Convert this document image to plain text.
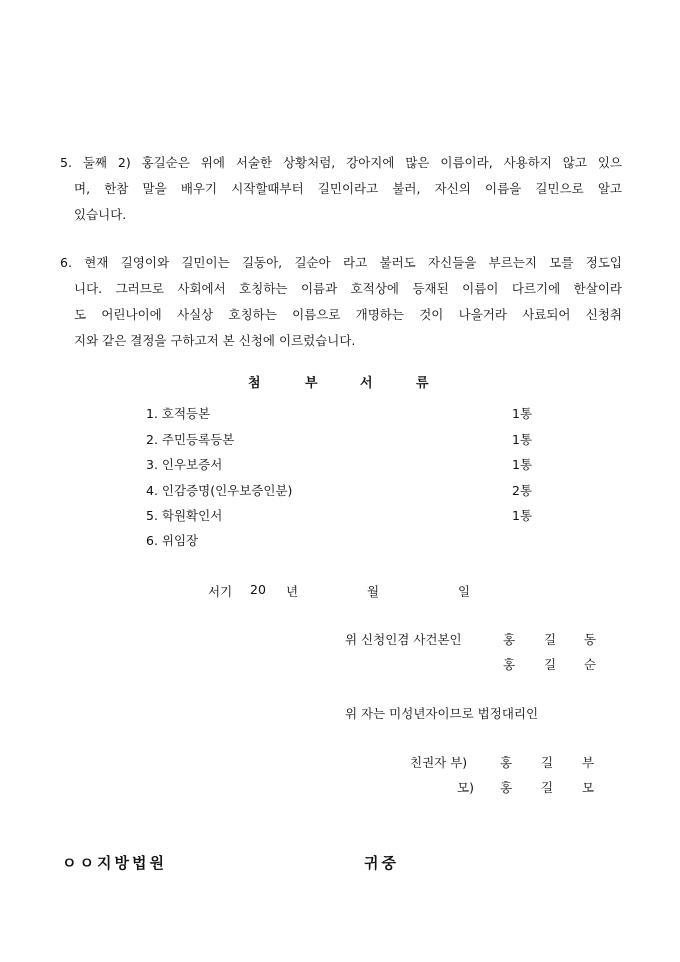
5. 둘째 2) 홍길순은 위에 서술한 상황처럼, 강아지에 많은 이름이라, 사용하지 않고 있으
며, 한참 말을 배우기 시작할때부터 길민이라고 불러, 자신의 이름을 길민으로 알고
있습니다.
6. 현재 길영이와 길민이는 길동아, 길순아 라고 불러도 자신들을 부르는지 모를 정도입
니다. 그러므로 사회에서 호칭하는 이름과 호적상에 등재된 이름이 다르기에 한살이라
도 어린나이에 사실상 호칭하는 이름으로 개명하는 것이 나을거라 사료되어 신청취
지와 같은 결정을 구하고저 본 신청에 이르렀습니다.
첨	부	서	류
1. 호적등본	1통
2. 주민등록등본	1통
3. 인우보증서	1통
4. 인감증명(인우보증인분)	2통
5. 학원확인서	1통
6. 위임장
서기 20 년	월	일
위 신청인겸 사건본인	홍 길 동
홍 길 순
위 자는 미성년자이므로 법정대리인
친권자 부)	홍 길 부
모) 홍 길 모
ㅇㅇ지방법원	귀중
